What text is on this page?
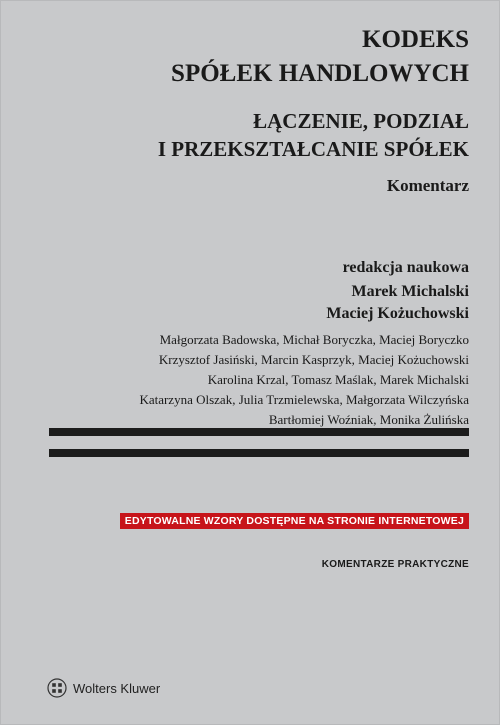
KODEKS
SPÓŁEK HANDLOWYCH
ŁĄCZENIE, PODZIAŁ
I PRZEKSZTAŁCANIE SPÓŁEK
Komentarz
redakcja naukowa
Marek Michalski
Maciej Kożuchowski
Małgorzata Badowska, Michał Boryczka, Maciej Boryczko
Krzysztof Jasiński, Marcin Kasprzyk, Maciej Kożuchowski
Karolina Krzal, Tomasz Maślak, Marek Michalski
Katarzyna Olszak, Julia Trzmielewska, Małgorzata Wilczyńska
Bartłomiej Woźniak, Monika Żulińska
EDYTOWALNE WZORY DOSTĘPNE NA STRONIE INTERNETOWEJ
KOMENTARZE PRAKTYCZNE
Wolters Kluwer
